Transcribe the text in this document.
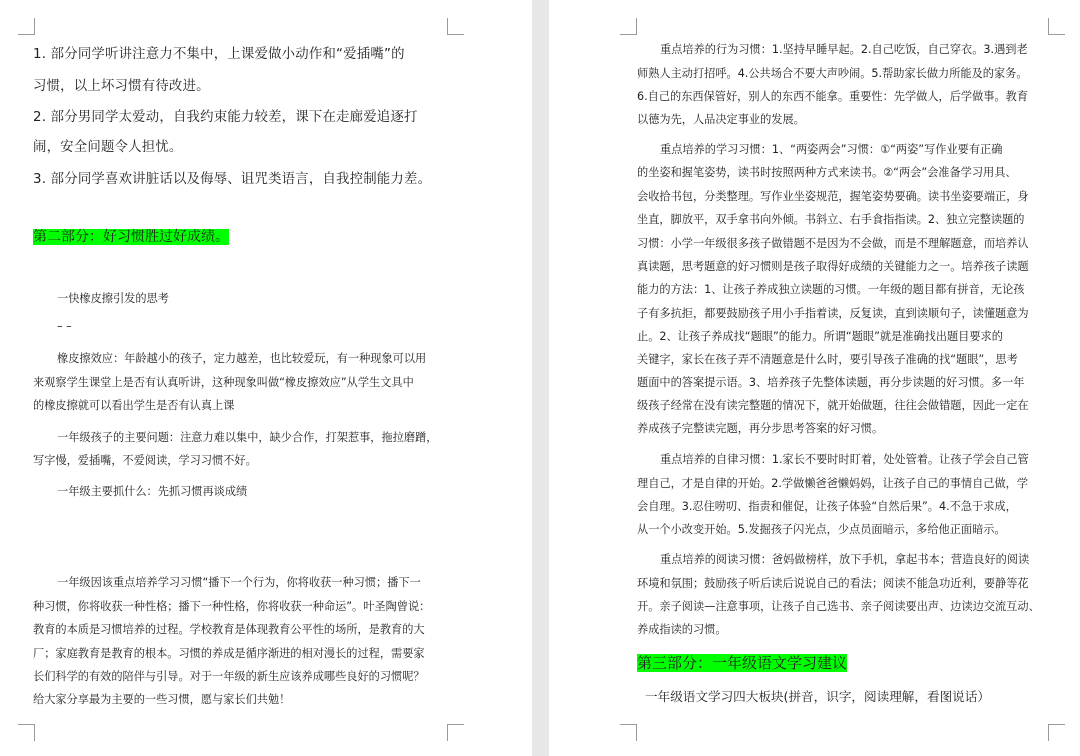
1. 部分同学听讲注意力不集中，上课爱做小动作和“爱插嘴”的

习惯，以上坏习惯有待改进。

2. 部分男同学太爱动，自我约束能力较差，课下在走廊爱追逐打

闹，安全问题令人担忧。

3. 部分同学喜欢讲脏话以及侮辱、诅咒类语言，自我控制能力差。

第二部分：好习惯胜过好成绩。

一快橡皮擦引发的思考

– –

橡皮擦效应：年龄越小的孩子，定力越差，也比较爱玩，有一种现象可以用

来观察学生课堂上是否有认真听讲，这种现象叫做“橡皮擦效应”从学生文具中

的橡皮擦就可以看出学生是否有认真上课

一年级孩子的主要问题：注意力难以集中，缺少合作，打架惹事，拖拉磨蹭，

写字慢，爱插嘴，不爱阅读，学习习惯不好。

一年级主要抓什么：先抓习惯再谈成绩

一年级因该重点培养学习习惯“播下一个行为，你将收获一种习惯；播下一

种习惯，你将收获一种性格；播下一种性格，你将收获一种命运”。叶圣陶曾说：

教育的本质是习惯培养的过程。学校教育是体现教育公平性的场所，是教育的大

厂；家庭教育是教育的根本。习惯的养成是循序渐进的相对漫长的过程，需要家

长们科学的有效的陪伴与引导。对于一年级的新生应该养成哪些良好的习惯呢？

给大家分享最为主要的一些习惯，愿与家长们共勉！

重点培养的行为习惯：1.坚持早睡早起。2.自己吃饭，自己穿衣。3.遇到老

师熟人主动打招呼。4.公共场合不要大声吵闹。5.帮助家长做力所能及的家务。

6.自己的东西保管好，别人的东西不能拿。重要性：先学做人，后学做事。教育

以德为先，人品决定事业的发展。

重点培养的学习习惯：1、“两姿两会”习惯：①“两姿”写作业要有正确

的坐姿和握笔姿势，读书时按照两种方式来读书。②“两会”会准备学习用具、

会收拾书包，分类整理。写作业坐姿规范，握笔姿势要确。读书坐姿要端正，身

坐直，脚放平，双手拿书向外倾。书斜立、右手食指指读。2、独立完整读题的

习惯：小学一年级很多孩子做错题不是因为不会做，而是不理解题意，而培养认

真读题，思考题意的好习惯则是孩子取得好成绩的关键能力之一。培养孩子读题

能力的方法：1、让孩子养成独立读题的习惯。一年级的题目都有拼音，无论孩

子有多抗拒，都要鼓励孩子用小手指着读，反复读，直到读顺句子，读懂题意为

止。2、让孩子养成找“题眼”的能力。所谓“题眼”就是准确找出题目要求的

关键字，家长在孩子弄不清题意是什么时，要引导孩子准确的找“题眼”，思考

题面中的答案提示语。3、培养孩子先整体读题，再分步读题的好习惯。多一年

级孩子经常在没有读完整题的情况下，就开始做题，往往会做错题，因此一定在

养成孩子完整读完题，再分步思考答案的好习惯。

重点培养的自律习惯：1.家长不要时时盯着，处处管着。让孩子学会自己管

理自己，才是自律的开始。2.学做懒爸爸懒妈妈，让孩子自己的事情自己做，学

会自理。3.忍住唠叨、指责和催促，让孩子体验“自然后果”。4.不急于求成，

从一个小改变开始。5.发掘孩子闪光点，少点员面暗示，多给他正面暗示。

重点培养的阅读习惯：爸妈做榜样，放下手机，拿起书本；营造良好的阅读

环境和氛围；鼓励孩子听后读后说说自己的看法；阅读不能急功近利，要静等花

开。亲子阅读—注意事项，让孩子自己选书、亲子阅读要出声、边读边交流互动、

养成指读的习惯。

第三部分：一年级语文学习建议

一年级语文学习四大板块(拼音，识字，阅读理解，看图说话）
